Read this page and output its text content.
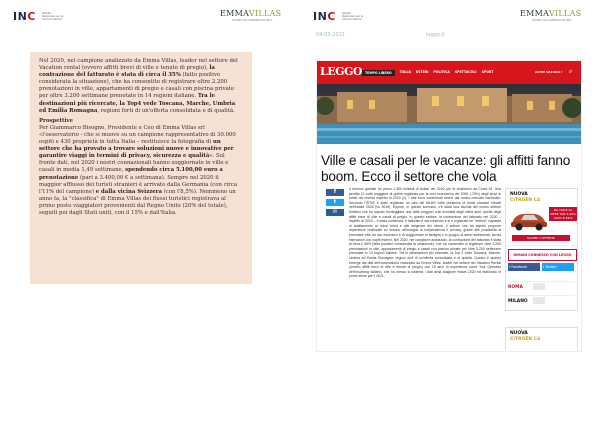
INC Istituto Nazionale per la Comunicazione
EMMAVILLAS
LUXURY VILLA RENTALS IN ITALY

Nel 2020, nel campione analizzato da Emma Villas, leader nel settore del Vacation rental (ovvero affitti brevi di ville e tenute di pregio), la contrazione del fatturato è stata di circa il 35% (fatto positivo considerata la situazione), che ha consentito di registrare oltre 2.200 prenotazioni in ville, appartamenti di pregio e casali con piscina private per oltre 3.200 settimane prenotate in 14 regioni italiane. Tra le destinazioni più ricercate, la Top4 vede Toscana, Marche, Umbria ed Emilia Romagna, regioni forti di un'offerta consolidata e di qualità.

Prospettive

Per Giammarco Bisogno, Presidente e Ceo di Emma Villas srl «l'osservatorio - che si muove su un campione rappresentativo di 30.000 ospiti e 430 proprietà in tutta Italia – restituisce la fotografia di un settore che ha provato a trovare soluzioni nuove e innovative per garantire viaggi in termini di privacy, sicurezza e qualità». Sul fronte dati, nel 2020 i nostri connazionali hanno soggiornato in ville e casali in media 1,49 settimane, spendendo circa 5.100,00 euro a prenotazione (pari a 3.400,00 € a settimana). Sempre nel 2020 il maggior afflusso dei turisti stranieri è arrivato dalla Germania (con circa l'11% del campione) e dalla vicina Svizzera (con l'8,5%). Nemmeno un anno fa, la "classifica" di Emma Villas dei flussi turistici registrava al primo posto viaggiatori provenienti dal Regno Unito (20% del totale), seguiti poi dagli Stati uniti, con il 15% e dall'Italia.

INC Istituto Nazionale per la Comunicazione
EMMAVILLAS
LUXURY VILLA RENTALS IN ITALY
04-03-2021	leggo.it
LEGGO TEMPO LIBERO	ITALIA ESTERI POLITICA SPETTACOLI SPORT	ALTRE SEZIONI ▾ ⌕
Ville e casali per le vacanze: gli affitti fanno boom. Ecco il settore che vola
f
t
✉
Il turismo globale ha perso 1.300 miliardi di dollari nel 2020 per le restrizioni da Covid-19. Una perdita 11 volte maggiore di quella registrata per la crisi economica del 2009 (-70%) degli arrivi di turisti nel mondo rispetto al 2019 (2). I dati sono confermati anche dal nostro mercato nazionale. Secondo l'ISTAT è stato registrato un calo del 68,6% nelle presenze di turisti stranieri rilevati nell'estate 2020 (vs 2019). Eppure, in questo scenario, c'è stata una nicchia del nostro settore turistico che ha saputo fronteggiare una delle peggiori crisi mondiali degli ultimi anni: quella degli affitti brevi di ville e casali di pregio. In questo settore, la contrazione del fatturato nel 2020 – rispetto al 2019 – è stata contenuta. Il fatturato è sta cresciuto e si è registrato un "vettore" capacità di adattamento ai nuovi trend e alle esigenze dei clienti. Il settore che ha saputo proporre esperienze realizzate su misura, all'insegna di indipendenza e privacy, grazie alle possibilità di prenotare ville ad uso esclusivo e di soggiornare in famiglia o in gruppo di amici selezionati, senza interazioni con ospiti esterni. Nel 2020, nel campione analizzato, la contrazione del fatturato è stata di circa il 35% (fatto positivo considerata la situazione), che ha consentito di registrare oltre 2.200 prenotazioni in ville, appartamenti di pregio e casali con piscina private per oltre 3.200 settimane prenotate in 14 regioni italiane. Tra le destinazioni più ricercate, la Top 4 vede Toscana, Marche, Umbria ed Emilia Romagna, regioni forti di un'offerta consolidata e di qualità. Questo è quanto emerge dai dati dell'osservatorio realizzato da Emma Villas, leader nel settore del Vacation Rental (ovvero affitti brevi di ville e tenute di pregio) con 15 anni di esperienza come Tour Operator dell'Incoming italiano, che ha messo a sistema i dati della stagione estiva 2020 ed elaborato le prime stime per il 2021.
NUOVA
CITROËN C4
DA 199 € AL MESE TAN 3,99% TAEG 5,49%
SCOPRI L'OFFERTA
RIMANI CONNESSO CON LEGGO
f Facebook	t Twitter
ROMA
MILANO
NUOVA
CITROËN C4
